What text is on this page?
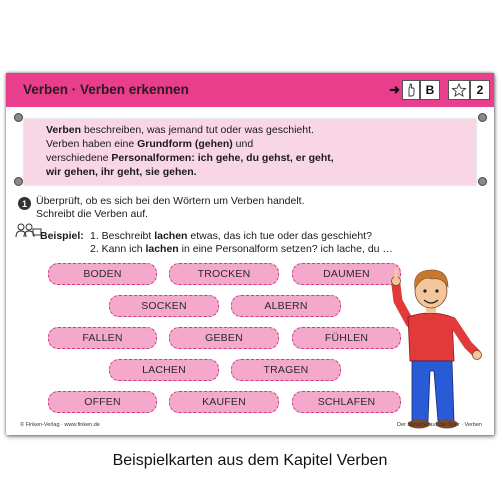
Verben · Verben erkennen	➜	B	2

Verben beschreiben, was jemand tut oder was geschieht.

Verben haben eine Grundform (gehen) und

verschiedene Personalformen: ich gehe, du gehst, er geht,

wir gehen, ihr geht, sie gehen.

1 Überprüft, ob es sich bei den Wörtern um Verben handelt.
Schreibt die Verben auf.
Beispiel: 1. Beschreibt lachen etwas, das ich tue oder das geschieht?
2. Kann ich lachen in eine Personalform setzen? ich lache, du …
BODEN	TROCKEN	DAUMEN
SOCKEN	ALBERN
FALLEN	GEBEN	FÜHLEN
LACHEN	TRAGEN
OFFEN	KAUFEN	SCHLAFEN
© Finken-Verlag · www.finken.de	Der Sprache auf der Spur · Verben
Beispielkarten aus dem Kapitel Verben
